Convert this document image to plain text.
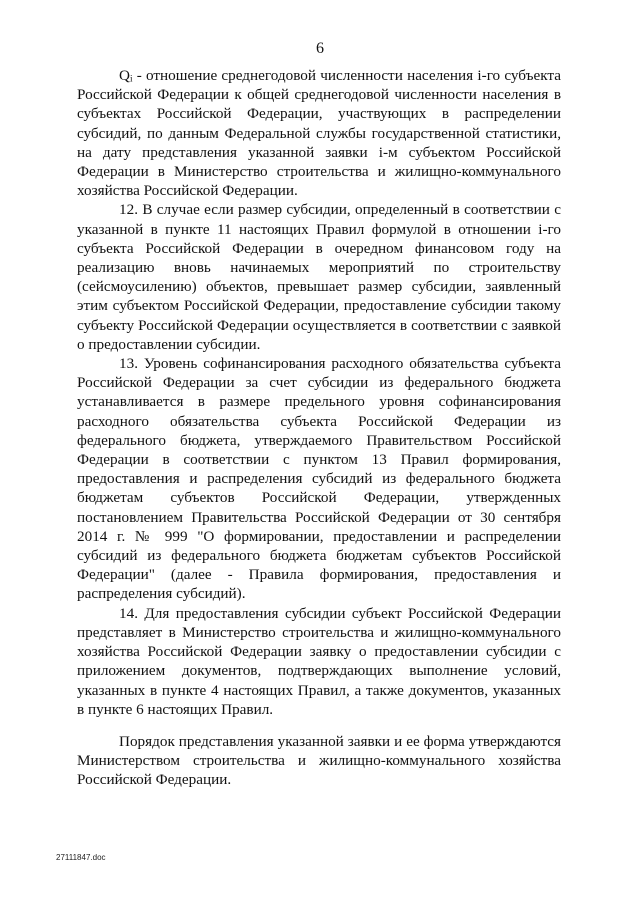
6

Qᵢ - отношение среднегодовой численности населения i-го субъекта Российской Федерации к общей среднегодовой численности населения в субъектах Российской Федерации, участвующих в распределении субсидий, по данным Федеральной службы государственной статистики, на дату представления указанной заявки i-м субъектом Российской Федерации в Министерство строительства и жилищно-коммунального хозяйства Российской Федерации.

12. В случае если размер субсидии, определенный в соответствии с указанной в пункте 11 настоящих Правил формулой в отношении i-го субъекта Российской Федерации в очередном финансовом году на реализацию вновь начинаемых мероприятий по строительству (сейсмоусилению) объектов, превышает размер субсидии, заявленный этим субъектом Российской Федерации, предоставление субсидии такому субъекту Российской Федерации осуществляется в соответствии с заявкой о предоставлении субсидии.

13. Уровень софинансирования расходного обязательства субъекта Российской Федерации за счет субсидии из федерального бюджета устанавливается в размере предельного уровня софинансирования расходного обязательства субъекта Российской Федерации из федерального бюджета, утверждаемого Правительством Российской Федерации в соответствии с пунктом 13 Правил формирования, предоставления и распределения субсидий из федерального бюджета бюджетам субъектов Российской Федерации, утвержденных постановлением Правительства Российской Федерации от 30 сентября 2014 г. № 999 "О формировании, предоставлении и распределении субсидий из федерального бюджета бюджетам субъектов Российской Федерации" (далее - Правила формирования, предоставления и распределения субсидий).

14. Для предоставления субсидии субъект Российской Федерации представляет в Министерство строительства и жилищно-коммунального хозяйства Российской Федерации заявку о предоставлении субсидии с приложением документов, подтверждающих выполнение условий, указанных в пункте 4 настоящих Правил, а также документов, указанных в пункте 6 настоящих Правил.

Порядок представления указанной заявки и ее форма утверждаются Министерством строительства и жилищно-коммунального хозяйства Российской Федерации.

27111847.doc
